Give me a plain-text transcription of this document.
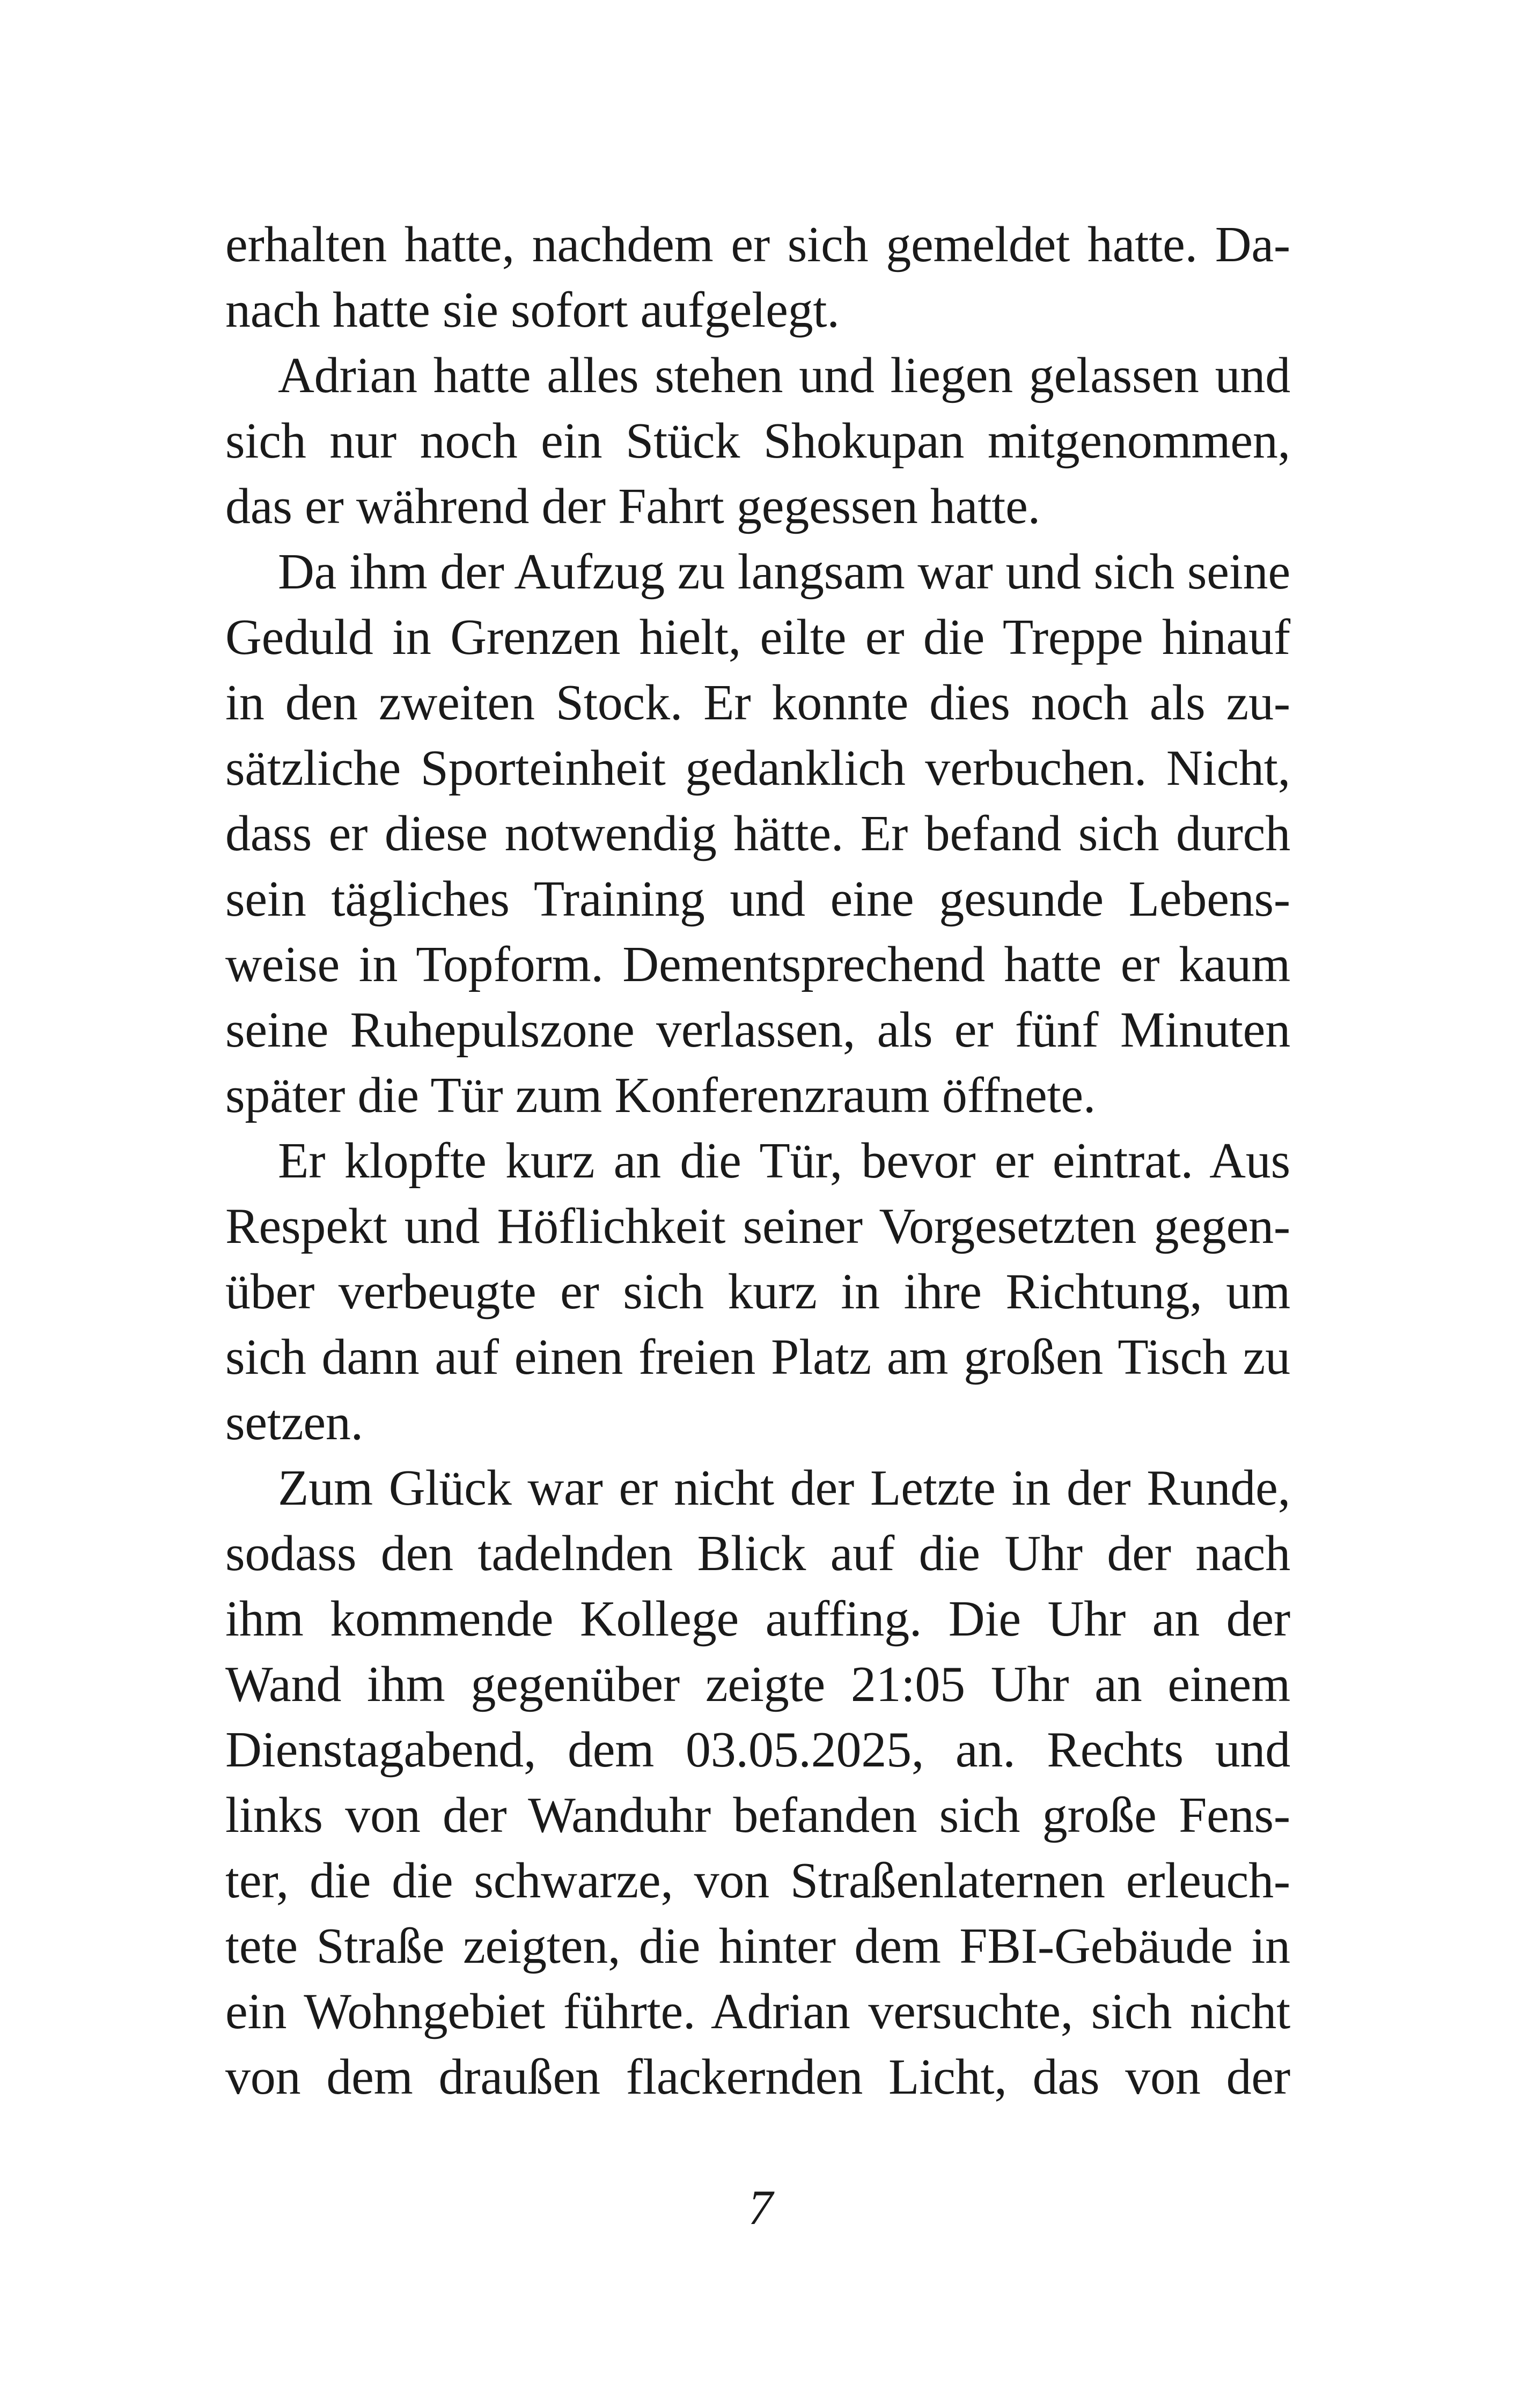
erhalten hatte, nachdem er sich gemeldet hatte. Da-
nach hatte sie sofort aufgelegt.
Adrian hatte alles stehen und liegen gelassen und
sich nur noch ein Stück Shokupan mitgenommen,
das er während der Fahrt gegessen hatte.
Da ihm der Aufzug zu langsam war und sich seine
Geduld in Grenzen hielt, eilte er die Treppe hinauf
in den zweiten Stock. Er konnte dies noch als zu-
sätzliche Sporteinheit gedanklich verbuchen. Nicht,
dass er diese notwendig hätte. Er befand sich durch
sein tägliches Training und eine gesunde Lebens-
weise in Topform. Dementsprechend hatte er kaum
seine Ruhepulszone verlassen, als er fünf Minuten
später die Tür zum Konferenzraum öffnete.
Er klopfte kurz an die Tür, bevor er eintrat. Aus
Respekt und Höflichkeit seiner Vorgesetzten gegen-
über verbeugte er sich kurz in ihre Richtung, um
sich dann auf einen freien Platz am großen Tisch zu
setzen.
Zum Glück war er nicht der Letzte in der Runde,
sodass den tadelnden Blick auf die Uhr der nach
ihm kommende Kollege auffing. Die Uhr an der
Wand ihm gegenüber zeigte 21:05 Uhr an einem
Dienstagabend, dem 03.05.2025, an. Rechts und
links von der Wanduhr befanden sich große Fens-
ter, die die schwarze, von Straßenlaternen erleuch-
tete Straße zeigten, die hinter dem FBI-Gebäude in
ein Wohngebiet führte. Adrian versuchte, sich nicht
von dem draußen flackernden Licht, das von der
7
